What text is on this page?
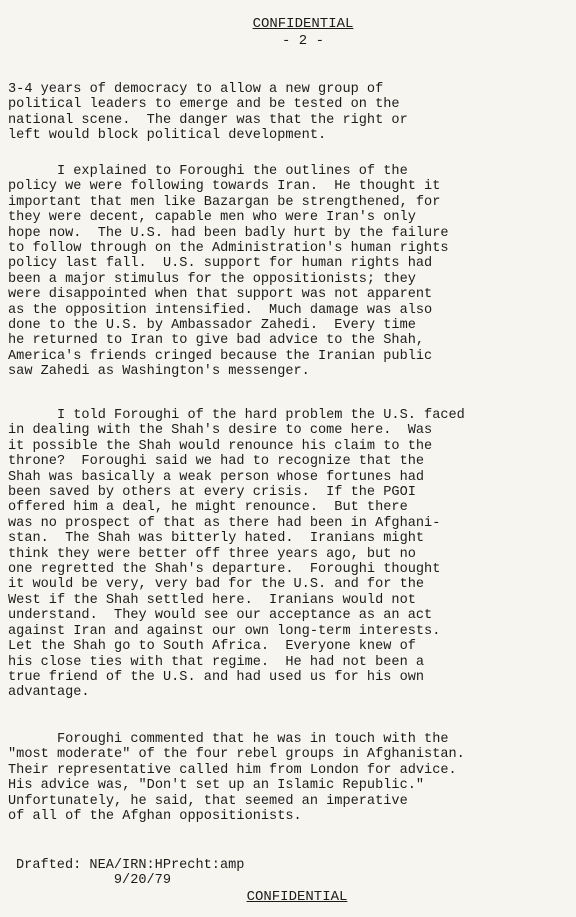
CONFIDENTIAL
- 2 -

3-4 years of democracy to allow a new group of
political leaders to emerge and be tested on the
national scene.  The danger was that the right or
left would block political development.

I explained to Foroughi the outlines of the
policy we were following towards Iran.  He thought it
important that men like Bazargan be strengthened, for
they were decent, capable men who were Iran's only
hope now.  The U.S. had been badly hurt by the failure
to follow through on the Administration's human rights
policy last fall.  U.S. support for human rights had
been a major stimulus for the oppositionists; they
were disappointed when that support was not apparent
as the opposition intensified.  Much damage was also
done to the U.S. by Ambassador Zahedi.  Every time
he returned to Iran to give bad advice to the Shah,
America's friends cringed because the Iranian public
saw Zahedi as Washington's messenger.

I told Foroughi of the hard problem the U.S. faced
in dealing with the Shah's desire to come here.  Was
it possible the Shah would renounce his claim to the
throne?  Foroughi said we had to recognize that the
Shah was basically a weak person whose fortunes had
been saved by others at every crisis.  If the PGOI
offered him a deal, he might renounce.  But there
was no prospect of that as there had been in Afghani-
stan.  The Shah was bitterly hated.  Iranians might
think they were better off three years ago, but no
one regretted the Shah's departure.  Foroughi thought
it would be very, very bad for the U.S. and for the
West if the Shah settled here.  Iranians would not
understand.  They would see our acceptance as an act
against Iran and against our own long-term interests.
Let the Shah go to South Africa.  Everyone knew of
his close ties with that regime.  He had not been a
true friend of the U.S. and had used us for his own
advantage.

Foroughi commented that he was in touch with the
"most moderate" of the four rebel groups in Afghanistan.
Their representative called him from London for advice.
His advice was, "Don't set up an Islamic Republic."
Unfortunately, he said, that seemed an imperative
of all of the Afghan oppositionists.

Drafted: NEA/IRN:HPrecht:amp
9/20/79
CONFIDENTIAL
